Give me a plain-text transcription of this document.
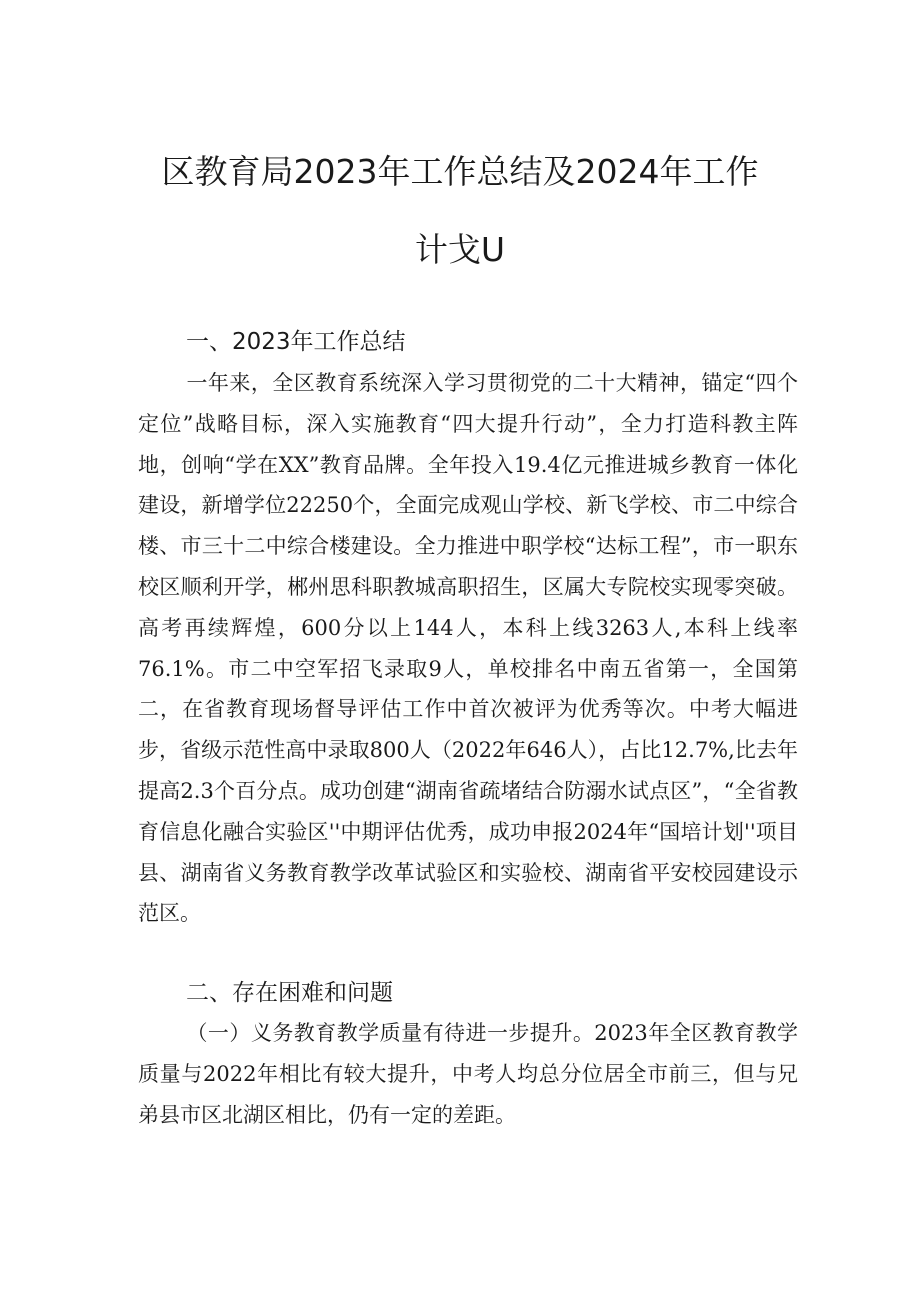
区教育局2023年工作总结及2024年工作
计戈U
一、2023年工作总结
一年来，全区教育系统深入学习贯彻党的二十大精神，锚定“四个定位”战略目标，深入实施教育“四大提升行动”，全力打造科教主阵地，创响“学在XX”教育品牌。全年投入19.4亿元推进城乡教育一体化建设，新增学位22250个，全面完成观山学校、新飞学校、市二中综合楼、市三十二中综合楼建设。全力推进中职学校“达标工程”，市一职东校区顺利开学，郴州思科职教城高职招生，区属大专院校实现零突破。高考再续辉煌，600分以上144人，本科上线3263人,本科上线率76.1%。市二中空军招飞录取9人，单校排名中南五省第一，全国第二，在省教育现场督导评估工作中首次被评为优秀等次。中考大幅进步，省级示范性高中录取800人（2022年646人），占比12.7%,比去年提高2.3个百分点。成功创建“湖南省疏堵结合防溺水试点区”，“全省教育信息化融合实验区''中期评估优秀，成功申报2024年“国培计划''项目县、湖南省义务教育教学改革试验区和实验校、湖南省平安校园建设示范区。
二、存在困难和问题
（一）义务教育教学质量有待进一步提升。2023年全区教育教学质量与2022年相比有较大提升，中考人均总分位居全市前三，但与兄弟县市区北湖区相比，仍有一定的差距。
